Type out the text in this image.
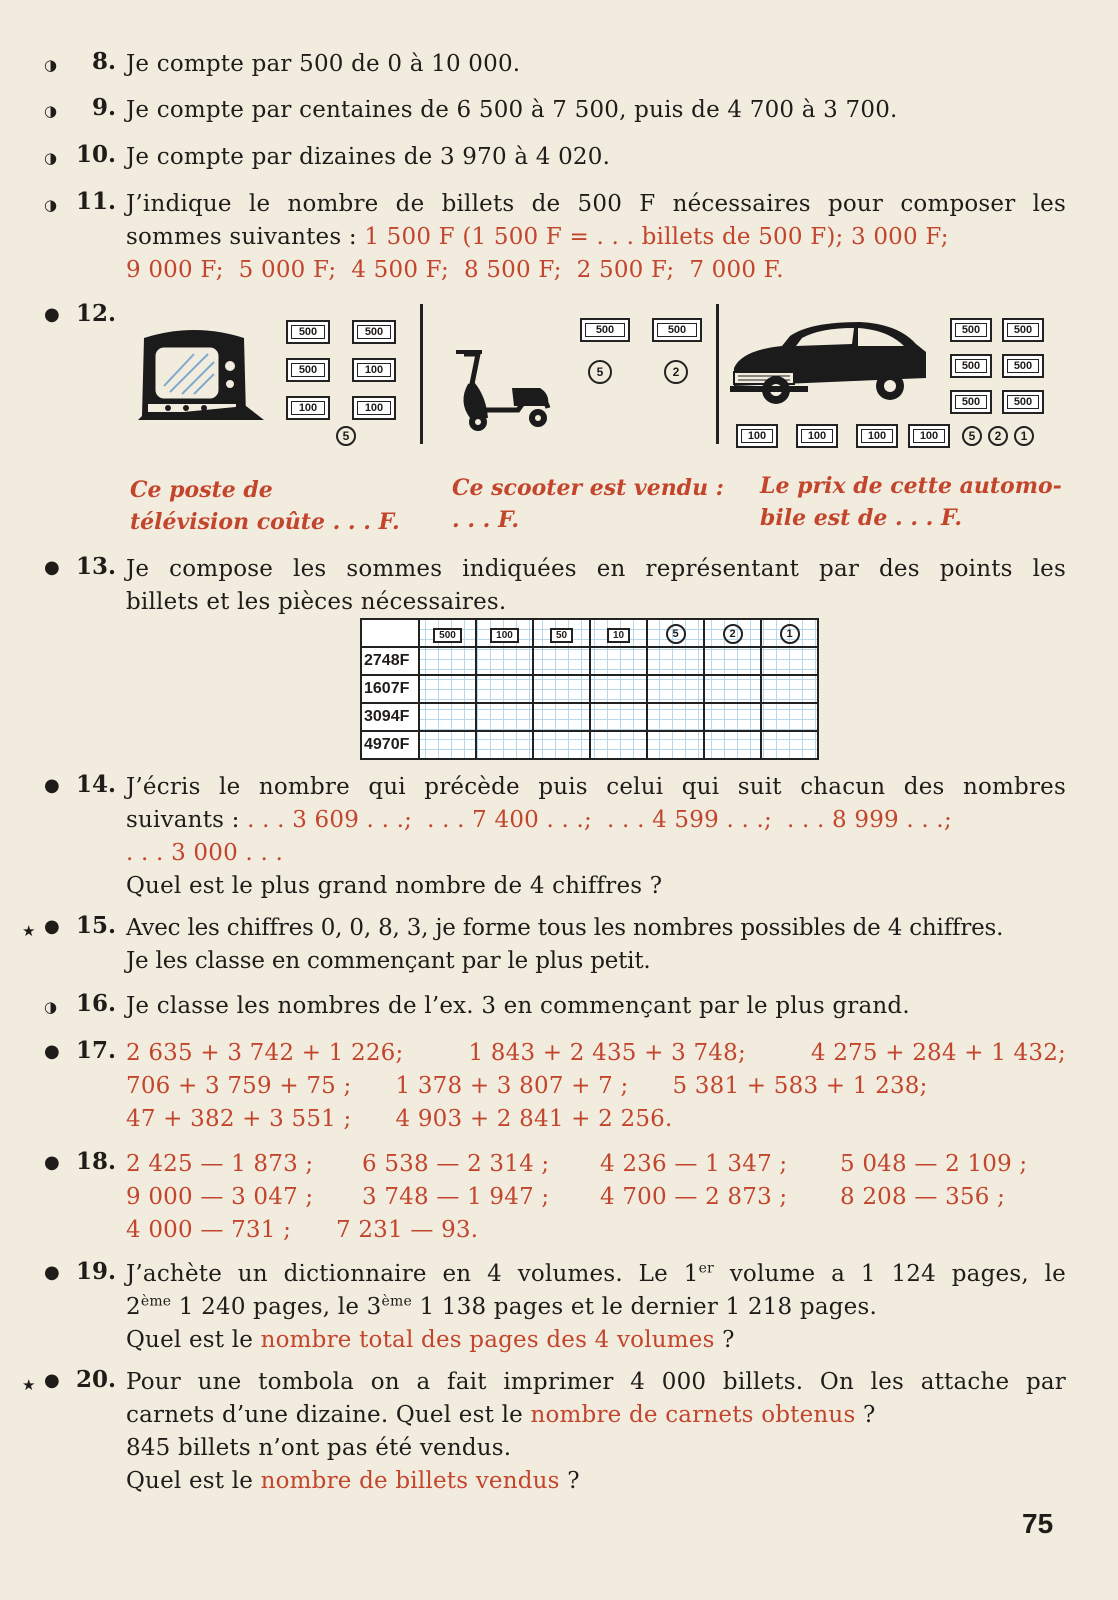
◑	8. Je compte par 500 de 0 à 10 000.
◑	9. Je compte par centaines de 6 500 à 7 500, puis de 4 700 à 3 700.
◑ 10. Je compte par dizaines de 3 970 à 4 020.
◑ 11. J’indique le nombre de billets de 500 F nécessaires pour composer les
sommes suivantes : 1 500 F (1 500 F = . . . billets de 500 F); 3 000 F;
9 000 F;  5 000 F;  4 500 F;  8 500 F;  2 500 F;  7 000 F.
● 12.
500	500
500	100
100	100
5
500	500
5	2
500	500
500	500
500	500
100	100	100	100	5	2	1
Ce poste de
télévision coûte . . . F.
Ce scooter est vendu :
. . . F.
Le prix de cette automo-
bile est de . . . F.
● 13. Je compose les sommes indiquées en représentant par des points les
billets et les pièces nécessaires.
	500	100	50	10	5	2	1
2748F							
1607F							
3094F							
4970F							
● 14. J’écris le nombre qui précède puis celui qui suit chacun des nombres
suivants : . . . 3 609 . . .;  . . . 7 400 . . .;  . . . 4 599 . . .;  . . . 8 999 . . .;
. . . 3 000 . . .
Quel est le plus grand nombre de 4 chiffres ?
★ ● 15. Avec les chiffres 0, 0, 8, 3, je forme tous les nombres possibles de 4 chiffres.
Je les classe en commençant par le plus petit.
◑ 16. Je classe les nombres de l’ex. 3 en commençant par le plus grand.
● 17. 2 635 + 3 742 + 1 226;	1 843 + 2 435 + 3 748;	4 275 + 284 + 1 432;
706 + 3 759 + 75 ; 1 378 + 3 807 + 7 ; 5 381 + 583 + 1 238;
47 + 382 + 3 551 ; 4 903 + 2 841 + 2 256.
● 18. 2 425 — 1 873 ;	6 538 — 2 314 ;	4 236 — 1 347 ;	5 048 — 2 109 ;
9 000 — 3 047 ;	3 748 — 1 947 ;	4 700 — 2 873 ;	8 208 — 356 ;
4 000 — 731 ;	7 231 — 93.
● 19. J’achète un dictionnaire en 4 volumes. Le 1er volume a 1 124 pages, le
2ème 1 240 pages, le 3ème 1 138 pages et le dernier 1 218 pages.
Quel est le nombre total des pages des 4 volumes ?
★ ● 20. Pour une tombola on a fait imprimer 4 000 billets. On les attache par
carnets d’une dizaine. Quel est le nombre de carnets obtenus ?
845 billets n’ont pas été vendus.
Quel est le nombre de billets vendus ?
75
